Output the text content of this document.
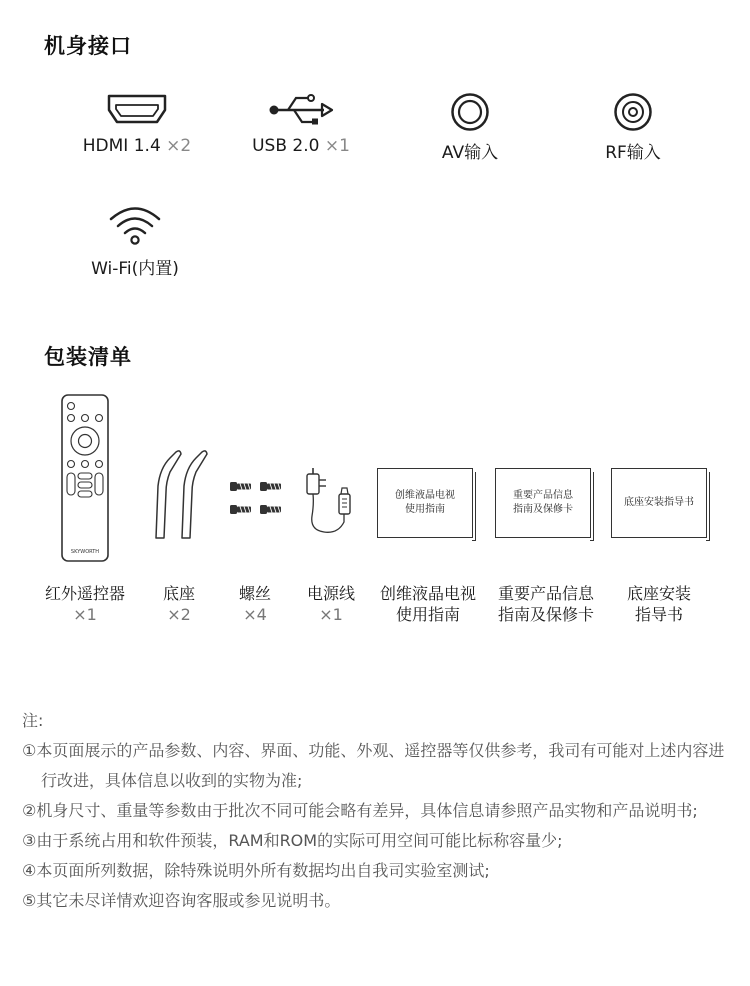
机身接口
HDMI 1.4 ×2	USB 2.0 ×1	AV输入	RF输入
Wi-Fi(内置)
包装清单
SKYWORTH
创维液晶电视
使用指南
重要产品信息
指南及保修卡
底座安装指导书
红外遥控器
×1
底座
×2
螺丝
×4
电源线
×1
创维液晶电视
使用指南
重要产品信息
指南及保修卡
底座安装
指导书
注:
①本页面展示的产品参数、内容、界面、功能、外观、遥控器等仅供参考，我司有可能对上述内容进行改进，具体信息以收到的实物为准;
②机身尺寸、重量等参数由于批次不同可能会略有差异，具体信息请参照产品实物和产品说明书;
③由于系统占用和软件预装，RAM和ROM的实际可用空间可能比标称容量少;
④本页面所列数据，除特殊说明外所有数据均出自我司实验室测试;
⑤其它未尽详情欢迎咨询客服或参见说明书。
